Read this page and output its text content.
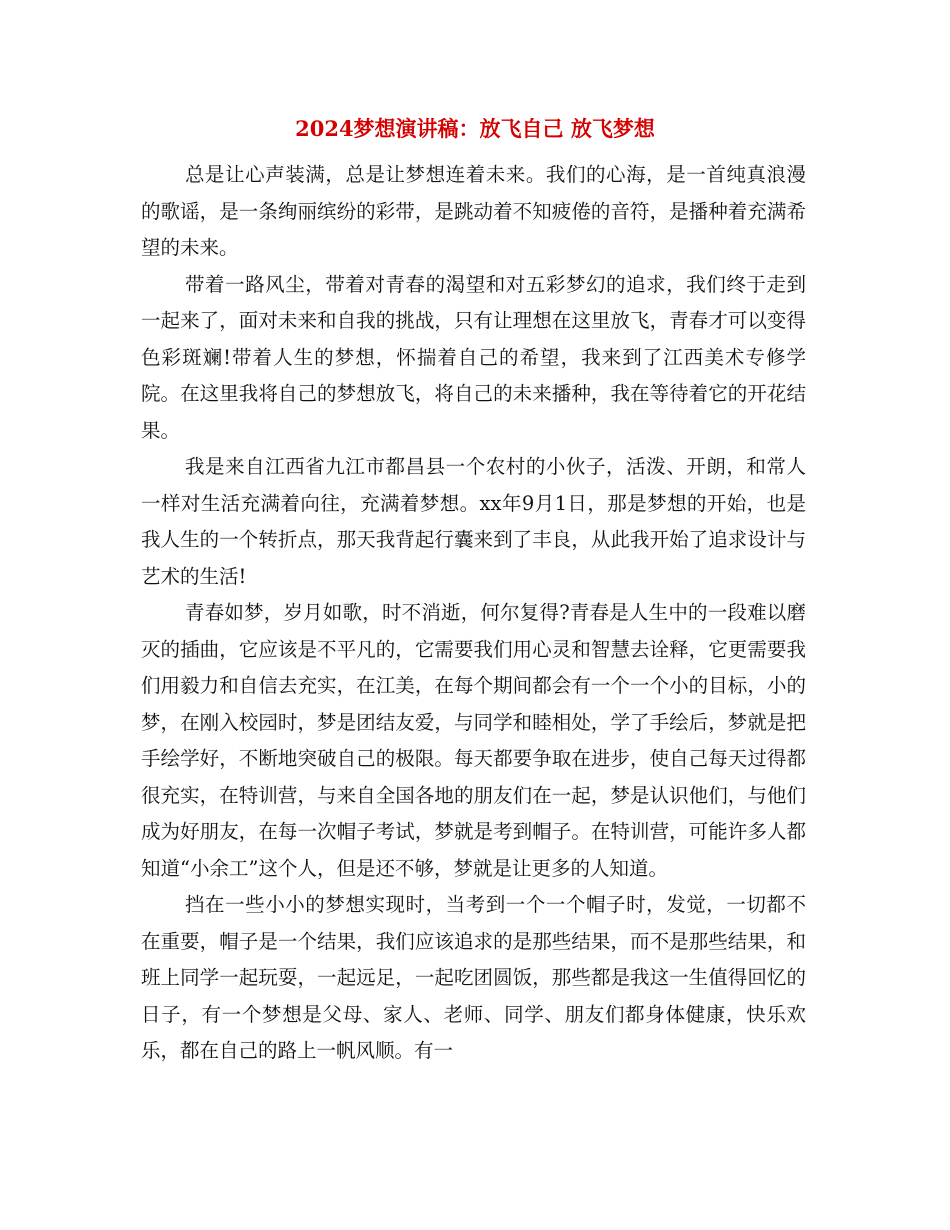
2024梦想演讲稿：放飞自己 放飞梦想

总是让心声装满，总是让梦想连着未来。我们的心海，是一首纯真浪漫的歌谣，是一条绚丽缤纷的彩带，是跳动着不知疲倦的音符，是播种着充满希望的未来。

带着一路风尘，带着对青春的渴望和对五彩梦幻的追求，我们终于走到一起来了，面对未来和自我的挑战，只有让理想在这里放飞，青春才可以变得色彩斑斓!带着人生的梦想，怀揣着自己的希望，我来到了江西美术专修学院。在这里我将自己的梦想放飞，将自己的未来播种，我在等待着它的开花结果。

我是来自江西省九江市都昌县一个农村的小伙子，活泼、开朗，和常人一样对生活充满着向往，充满着梦想。xx年9月1日，那是梦想的开始，也是我人生的一个转折点，那天我背起行囊来到了丰良，从此我开始了追求设计与艺术的生活!

青春如梦，岁月如歌，时不消逝，何尔复得?青春是人生中的一段难以磨灭的插曲，它应该是不平凡的，它需要我们用心灵和智慧去诠释，它更需要我们用毅力和自信去充实，在江美，在每个期间都会有一个一个小的目标，小的梦，在刚入校园时，梦是团结友爱，与同学和睦相处，学了手绘后，梦就是把手绘学好，不断地突破自己的极限。每天都要争取在进步，使自己每天过得都很充实，在特训营，与来自全国各地的朋友们在一起，梦是认识他们，与他们成为好朋友，在每一次帽子考试，梦就是考到帽子。在特训营，可能许多人都知道“小余工”这个人，但是还不够，梦就是让更多的人知道。

挡在一些小小的梦想实现时，当考到一个一个帽子时，发觉，一切都不在重要，帽子是一个结果，我们应该追求的是那些结果，而不是那些结果，和班上同学一起玩耍，一起远足，一起吃团圆饭，那些都是我这一生值得回忆的日子，有一个梦想是父母、家人、老师、同学、朋友们都身体健康，快乐欢乐，都在自己的路上一帆风顺。有一
